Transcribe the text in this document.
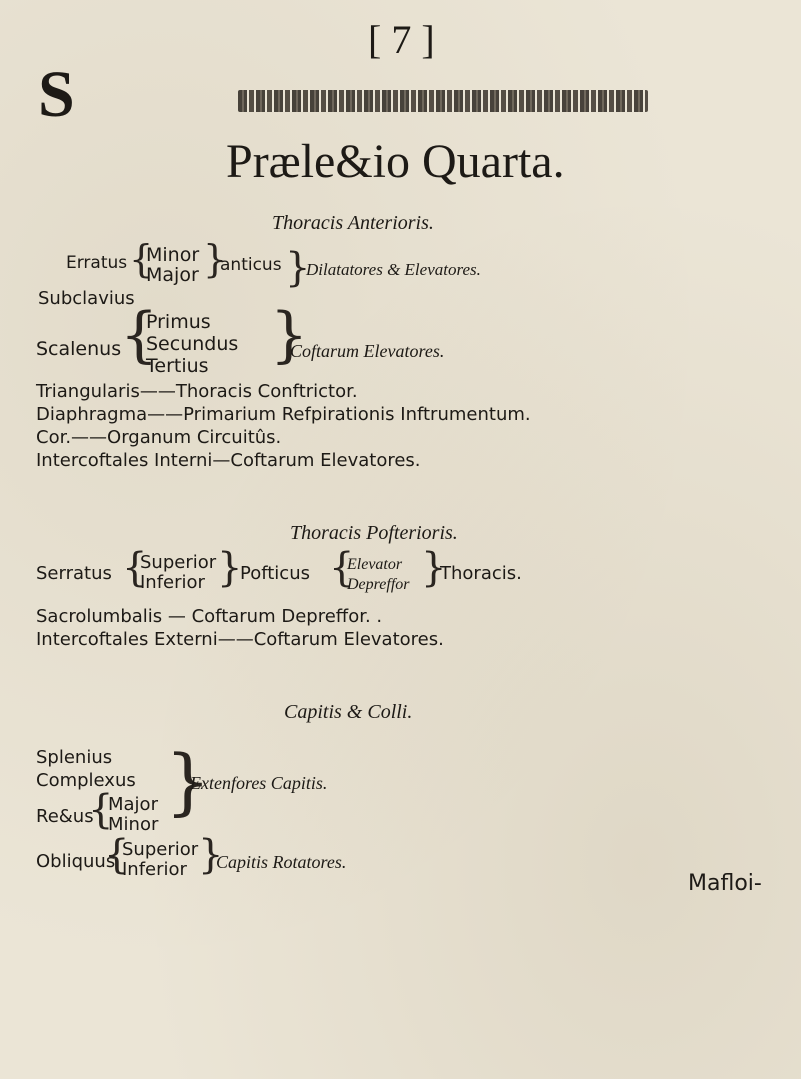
[ 7 ]
Præle&io Quarta.
Thoracis Anterioris.
S
Erratus {
Minor
Major }
anticus }
Dilatatores & Elevatores.
Subclavius
Scalenus
{
Primus
Secundus
Tertius	}
Coftarum Elevatores.
Triangularis——Thoracis Conftrictor.
Diaphragma——Primarium Refpirationis Inftrumentum.
Cor.——Organum Circuitûs.
Intercoftales Interni—Coftarum Elevatores.
Thoracis Pofterioris.
Serratus {
Superior
Inferior }
Pofticus {
Elevator
Depreffor }
Thoracis.
Sacrolumbalis — Coftarum Depreffor. .
Intercoftales Externi——Coftarum Elevatores.
Capitis & Colli.
Splenius
Complexus
Re&us
{
Major
Minor
}
Extenfores Capitis.
Obliquus
{
Superior
Inferior }
Capitis Rotatores.
Mafloi-
